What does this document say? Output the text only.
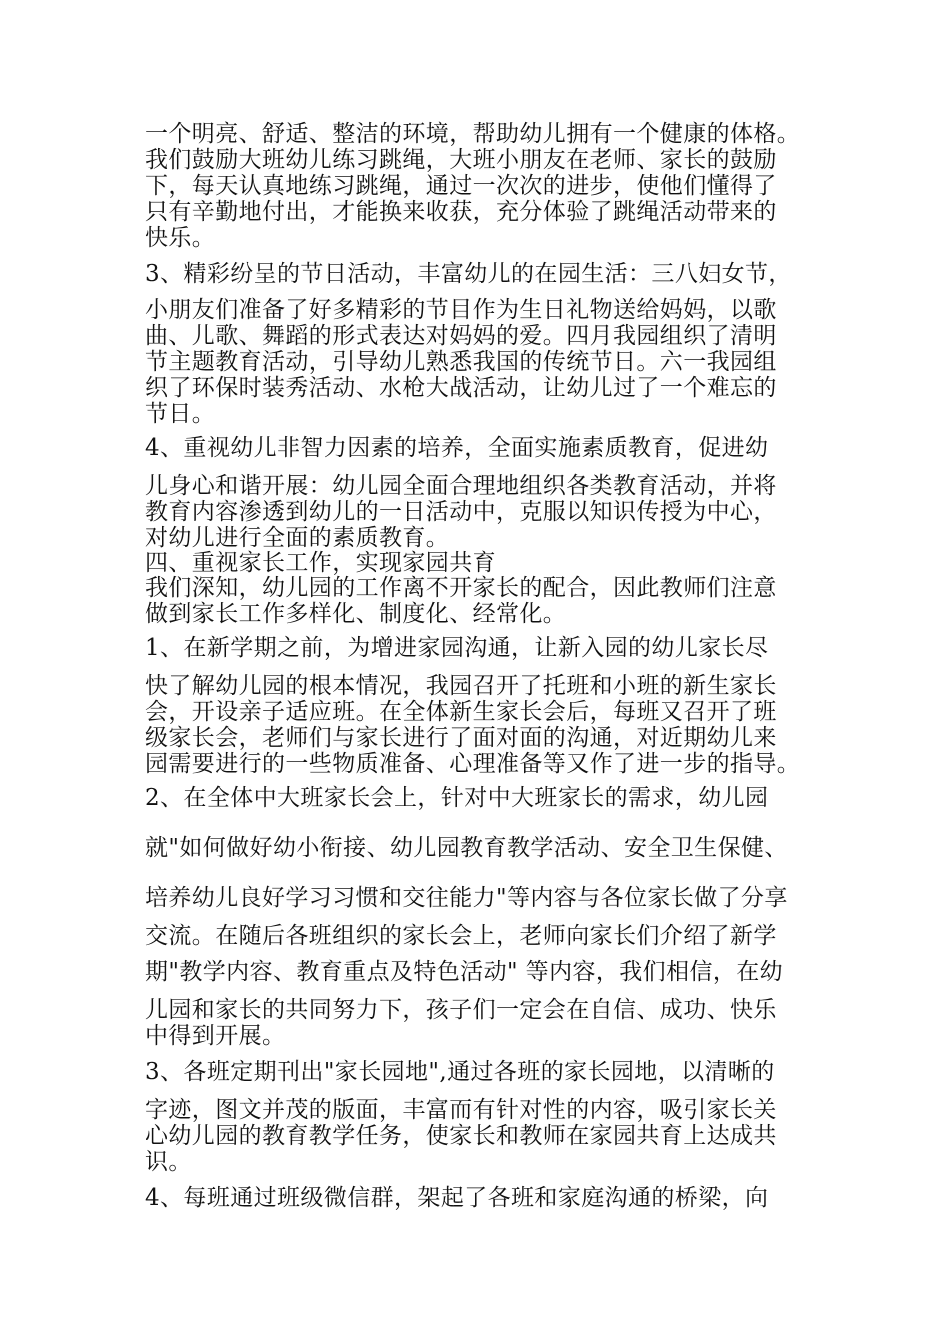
一个明亮、舒适、整洁的环境，帮助幼儿拥有一个健康的体格。

我们鼓励大班幼儿练习跳绳，大班小朋友在老师、家长的鼓励

下，每天认真地练习跳绳，通过一次次的进步，使他们懂得了

只有辛勤地付出，才能换来收获，充分体验了跳绳活动带来的

快乐。

3、精彩纷呈的节日活动，丰富幼儿的在园生活：三八妇女节，

小朋友们准备了好多精彩的节目作为生日礼物送给妈妈，以歌

曲、儿歌、舞蹈的形式表达对妈妈的爱。四月我园组织了清明

节主题教育活动，引导幼儿熟悉我国的传统节日。六一我园组

织了环保时装秀活动、水枪大战活动，让幼儿过了一个难忘的

节日。

4、重视幼儿非智力因素的培养，全面实施素质教育，促进幼

儿身心和谐开展：幼儿园全面合理地组织各类教育活动，并将

教育内容渗透到幼儿的一日活动中，克服以知识传授为中心，

对幼儿进行全面的素质教育。

四、重视家长工作，实现家园共育

我们深知，幼儿园的工作离不开家长的配合，因此教师们注意

做到家长工作多样化、制度化、经常化。

1、在新学期之前，为增进家园沟通，让新入园的幼儿家长尽

快了解幼儿园的根本情况，我园召开了托班和小班的新生家长

会，开设亲子适应班。在全体新生家长会后，每班又召开了班

级家长会，老师们与家长进行了面对面的沟通，对近期幼儿来

园需要进行的一些物质准备、心理准备等又作了进一步的指导。

2、在全体中大班家长会上，针对中大班家长的需求，幼儿园

就"如何做好幼小衔接、幼儿园教育教学活动、安全卫生保健、

培养幼儿良好学习习惯和交往能力"等内容与各位家长做了分享

交流。在随后各班组织的家长会上，老师向家长们介绍了新学

期"教学内容、教育重点及特色活动" 等内容，我们相信，在幼

儿园和家长的共同努力下，孩子们一定会在自信、成功、快乐

中得到开展。

3、各班定期刊出"家长园地",通过各班的家长园地，以清晰的

字迹，图文并茂的版面，丰富而有针对性的内容，吸引家长关

心幼儿园的教育教学任务，使家长和教师在家园共育上达成共

识。

4、每班通过班级微信群，架起了各班和家庭沟通的桥梁，向
